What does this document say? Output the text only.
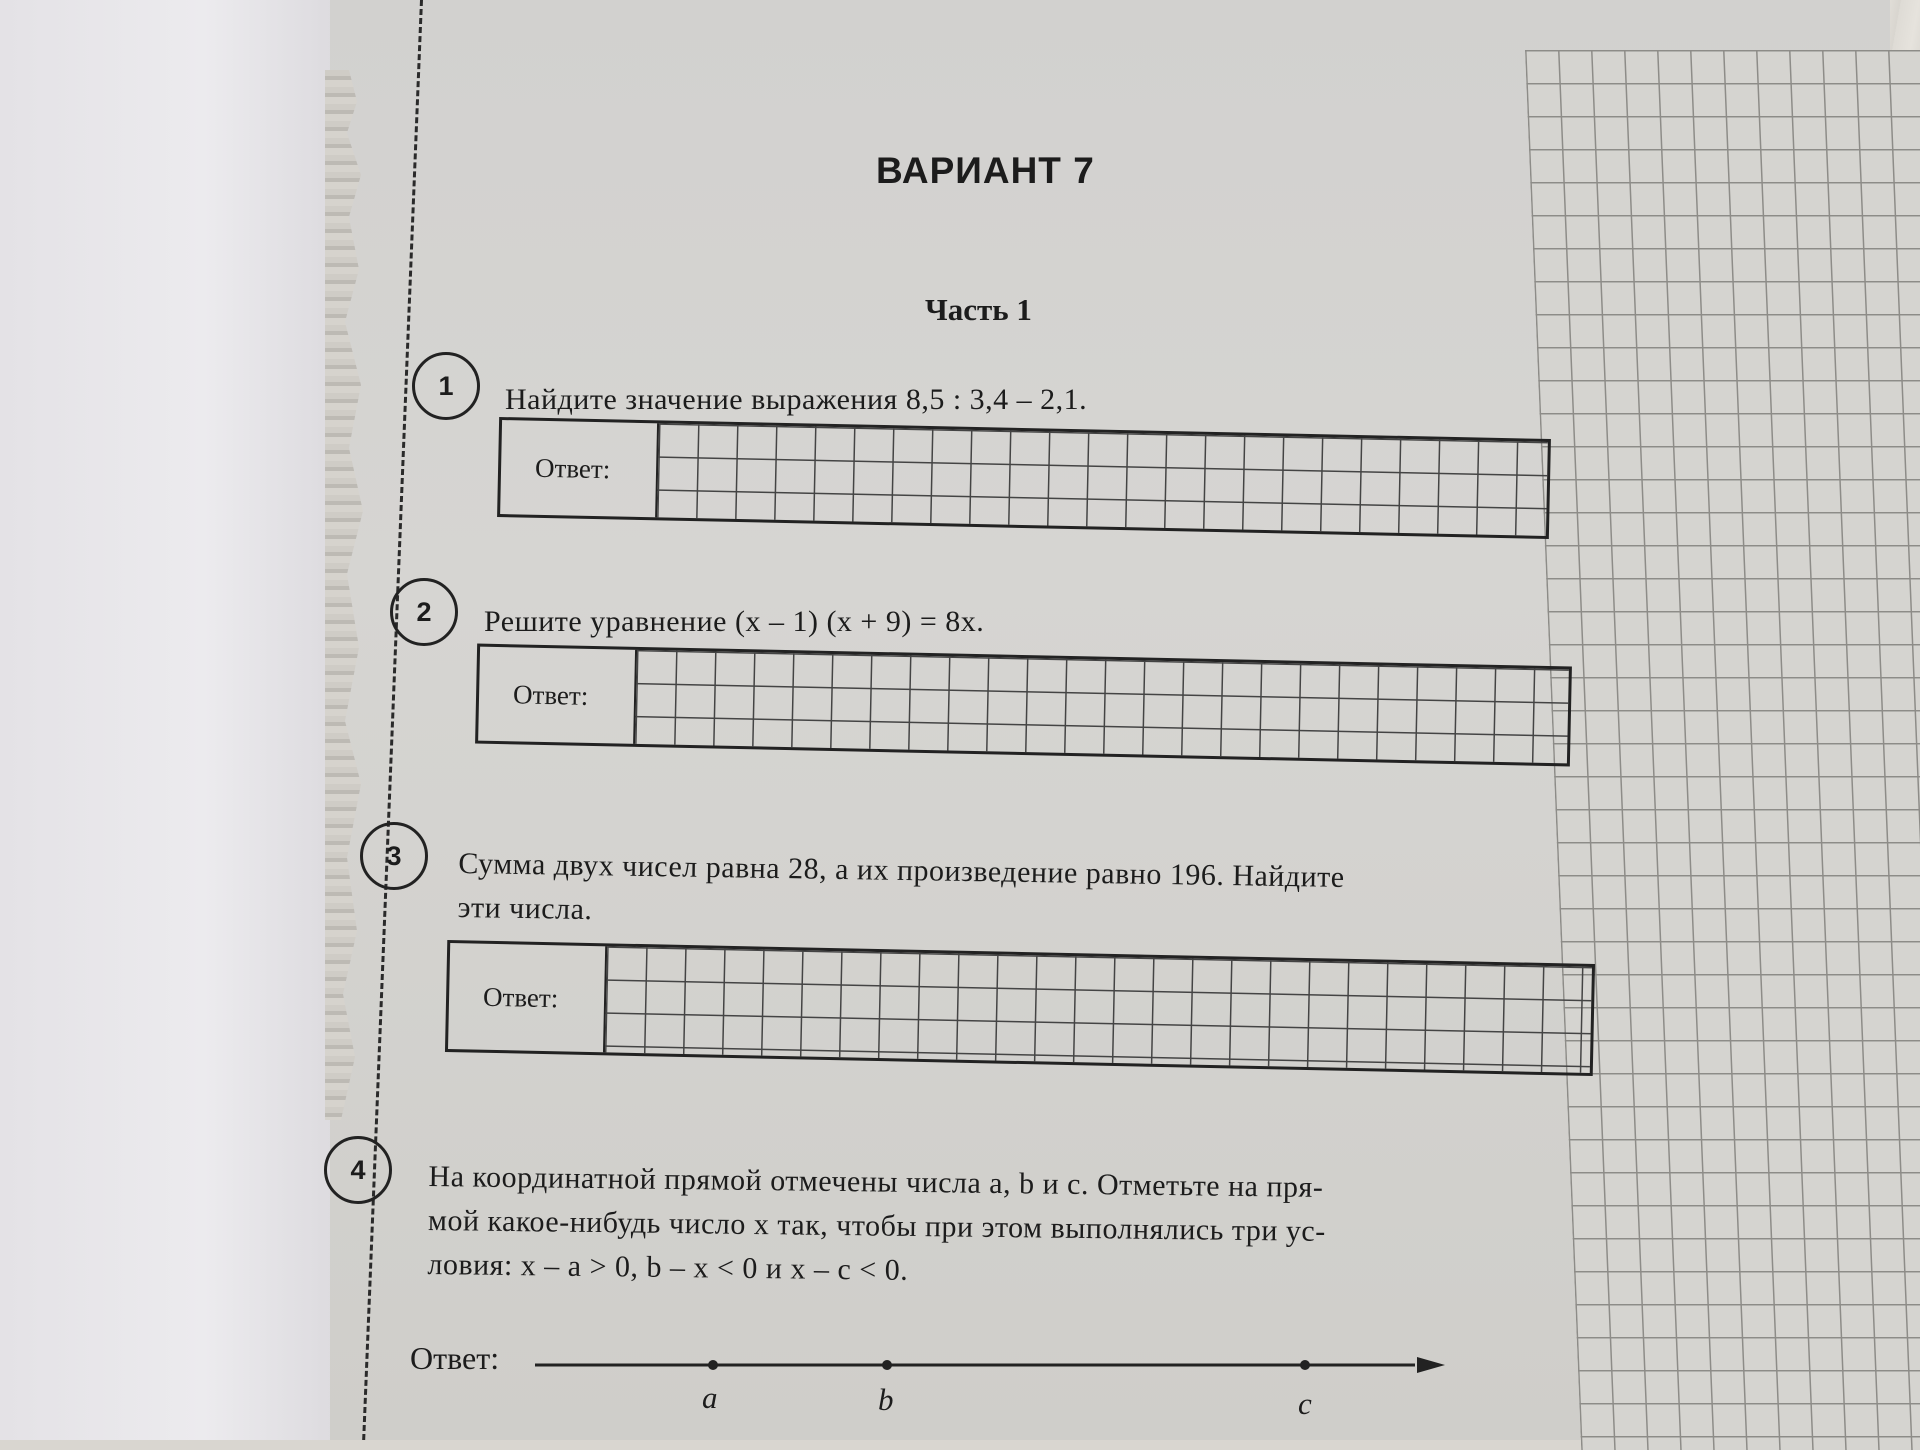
ВАРИАНТ 7
Часть 1
1	Найдите значение выражения 8,5 : 3,4 – 2,1.
Ответ:
2	Решите уравнение (x – 1) (x + 9) = 8x.
Ответ:
3	Сумма двух чисел равна 28, а их произведение равно 196. Найдите
эти числа.
Ответ:
4	На координатной прямой отмечены числа a, b и c. Отметьте на пря-
мой какое-нибудь число x так, чтобы при этом выполнялись три ус-
ловия: x – a > 0, b – x < 0 и x – c < 0.
Ответ:
a	b	c
